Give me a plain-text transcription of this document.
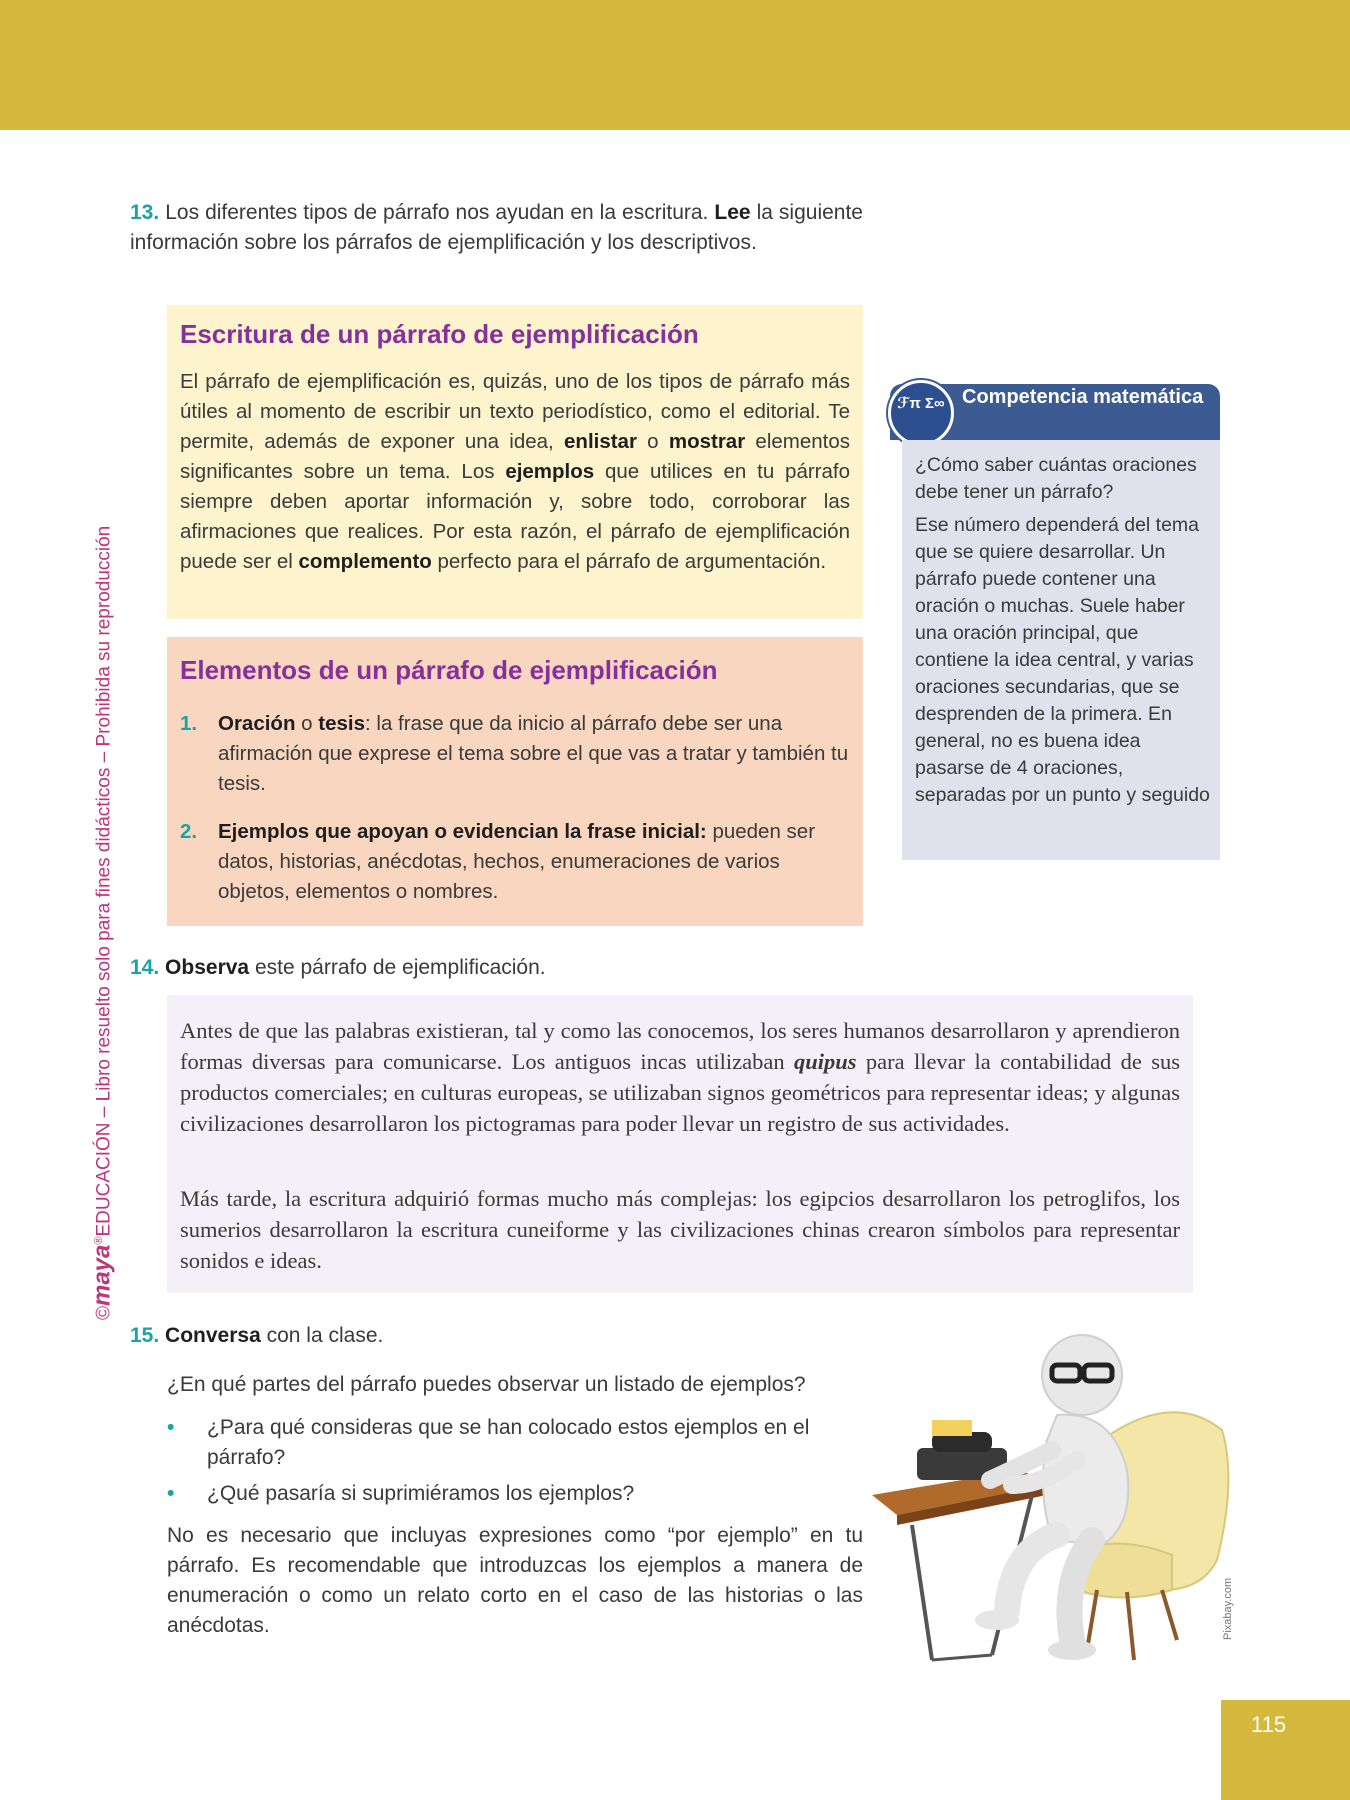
©maya®EDUCACIÓN – Libro resuelto solo para fines didácticos – Prohibida su reproducción
13. Los diferentes tipos de párrafo nos ayudan en la escritura. Lee la siguiente información sobre los párrafos de ejemplificación y los descriptivos.
Escritura de un párrafo de ejemplificación
El párrafo de ejemplificación es, quizás, uno de los tipos de párrafo más útiles al momento de escribir un texto periodístico, como el editorial. Te permite, además de exponer una idea, enlistar o mostrar elementos significantes sobre un tema. Los ejemplos que utilices en tu párrafo siempre deben aportar información y, sobre todo, corroborar las afirmaciones que realices. Por esta razón, el párrafo de ejemplificación puede ser el complemento perfecto para el párrafo de argumentación.
Elementos de un párrafo de ejemplificación
1.	Oración o tesis: la frase que da inicio al párrafo debe ser una afirmación que exprese el tema sobre el que vas a tratar y también tu tesis.
2.	Ejemplos que apoyan o evidencian la frase inicial: pueden ser datos, historias, anécdotas, hechos, enumeraciones de varios objetos, elementos o nombres.
ℱπ Σ∞ Competencia matemática
¿Cómo saber cuántas oraciones debe tener un párrafo?
Ese número dependerá del tema que se quiere desarrollar. Un párrafo puede contener una oración o muchas. Suele haber una oración principal, que contiene la idea central, y varias oraciones secundarias, que se desprenden de la primera. En general, no es buena idea pasarse de 4 oraciones, separadas por un punto y seguido
14. Observa este párrafo de ejemplificación.
Antes de que las palabras existieran, tal y como las conocemos, los seres humanos desarrollaron y aprendieron formas diversas para comunicarse. Los antiguos incas utilizaban quipus para llevar la contabilidad de sus productos comerciales; en culturas europeas, se utilizaban signos geométricos para representar ideas; y algunas civilizaciones desarrollaron los pictogramas para poder llevar un registro de sus actividades.
Más tarde, la escritura adquirió formas mucho más complejas: los egipcios desarrollaron los petroglifos, los sumerios desarrollaron la escritura cuneiforme y las civilizaciones chinas crearon símbolos para representar sonidos e ideas.
15. Conversa con la clase.
¿En qué partes del párrafo puedes observar un listado de ejemplos?
•	¿Para qué consideras que se han colocado estos ejemplos en el párrafo?
•	¿Qué pasaría si suprimiéramos los ejemplos?
No es necesario que incluyas expresiones como “por ejemplo” en tu párrafo. Es recomendable que introduzcas los ejemplos a manera de enumeración o como un relato corto en el caso de las historias o las anécdotas.	Pixabay.com
115
